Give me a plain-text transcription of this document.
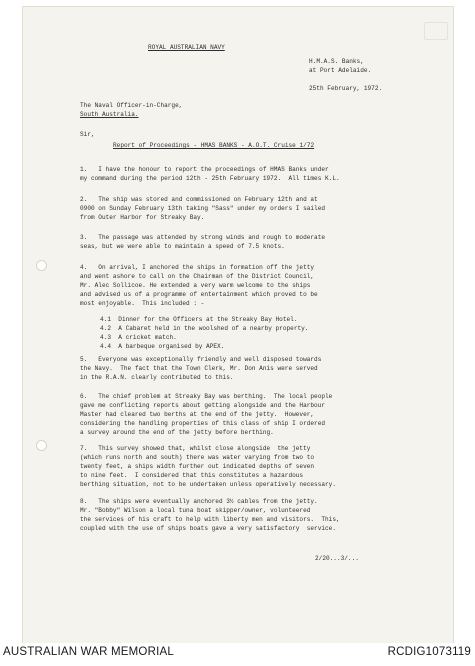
ROYAL AUSTRALIAN NAVY
H.M.A.S. Banks,
at Port Adelaide.
25th February, 1972.
The Naval Officer-in-Charge,
South Australia.
Sir,
Report of Proceedings - HMAS BANKS - A.O.T. Cruise 1/72
1.   I have the honour to report the proceedings of HMAS Banks under
my command during the period 12th - 25th February 1972.  All times K.L.
2.   The ship was stored and commissioned on February 12th and at
0900 on Sunday February 13th taking "Sass" under my orders I sailed
from Outer Harbor for Streaky Bay.
3.   The passage was attended by strong winds and rough to moderate
seas, but we were able to maintain a speed of 7.5 knots.
4.   On arrival, I anchored the ships in formation off the jetty
and went ashore to call on the Chairman of the District Council,
Mr. Alec Sollicoe. He extended a very warm welcome to the ships
and advised us of a programme of entertainment which proved to be
most enjoyable.  This included : -
4.1  Dinner for the Officers at the Streaky Bay Hotel.
4.2  A Cabaret held in the woolshed of a nearby property.
4.3  A cricket match.
4.4  A barbeque organised by APEX.
5.   Everyone was exceptionally friendly and well disposed towards
the Navy.  The fact that the Town Clerk, Mr. Don Anis were served
in the R.A.N. clearly contributed to this.
6.   The chief problem at Streaky Bay was berthing.  The local people
gave me conflicting reports about getting alongside and the Harbour
Master had cleared two berths at the end of the jetty.  However,
considering the handling properties of this class of ship I ordered
a survey around the end of the jetty before berthing.
7.   This survey showed that, whilst close alongside  the jetty
(which runs north and south) there was water varying from two to
twenty feet, a ships width further out indicated depths of seven
to nine feet.  I considered that this constitutes a hazardous
berthing situation, not to be undertaken unless operatively necessary.
8.   The ships were eventually anchored 3½ cables from the jetty.
Mr. "Bobby" Wilson a local tuna boat skipper/owner, volunteered
the services of his craft to help with liberty men and visitors.  This,
coupled with the use of ships boats gave a very satisfactory  service.
2/20...3/...
AUSTRALIAN WAR MEMORIAL	RCDIG1073119
